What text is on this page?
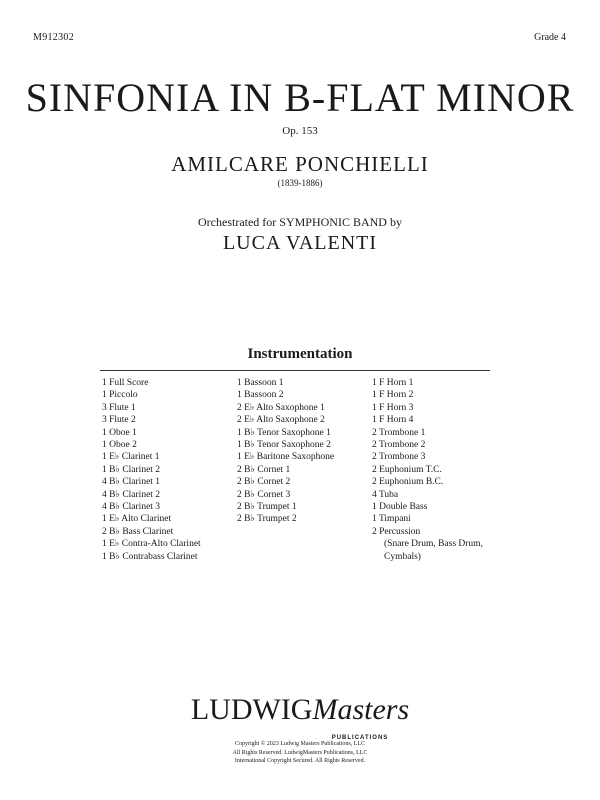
M912302	Grade 4
SINFONIA IN B-FLAT MINOR
Op. 153
AMILCARE PONCHIELLI
(1839-1886)
Orchestrated for SYMPHONIC BAND by
LUCA VALENTI
Instrumentation
1 Full Score
1 Piccolo
3 Flute 1
3 Flute 2
1 Oboe 1
1 Oboe 2
1 E♭ Clarinet 1
1 B♭ Clarinet 2
4 B♭ Clarinet 1
4 B♭ Clarinet 2
4 B♭ Clarinet 3
1 E♭ Alto Clarinet
2 B♭ Bass Clarinet
1 E♭ Contra-Alto Clarinet
1 B♭ Contrabass Clarinet
1 Bassoon 1
1 Bassoon 2
2 E♭ Alto Saxophone 1
2 E♭ Alto Saxophone 2
1 B♭ Tenor Saxophone 1
1 B♭ Tenor Saxophone 2
1 E♭ Baritone Saxophone
2 B♭ Cornet 1
2 B♭ Cornet 2
2 B♭ Cornet 3
2 B♭ Trumpet 1
2 B♭ Trumpet 2
1 F Horn 1
1 F Horn 2
1 F Horn 3
1 F Horn 4
2 Trombone 1
2 Trombone 2
2 Trombone 3
2 Euphonium T.C.
2 Euphonium B.C.
4 Tuba
1 Double Bass
1 Timpani
2 Percussion
(Snare Drum, Bass Drum,
Cymbals)
LUDWIGMasters
PUBLICATIONS
Copyright © 2023 Ludwig Masters Publications, LLC
All Rights Reserved. LudwigMasters Publications, LLC
International Copyright Secured. All Rights Reserved.
